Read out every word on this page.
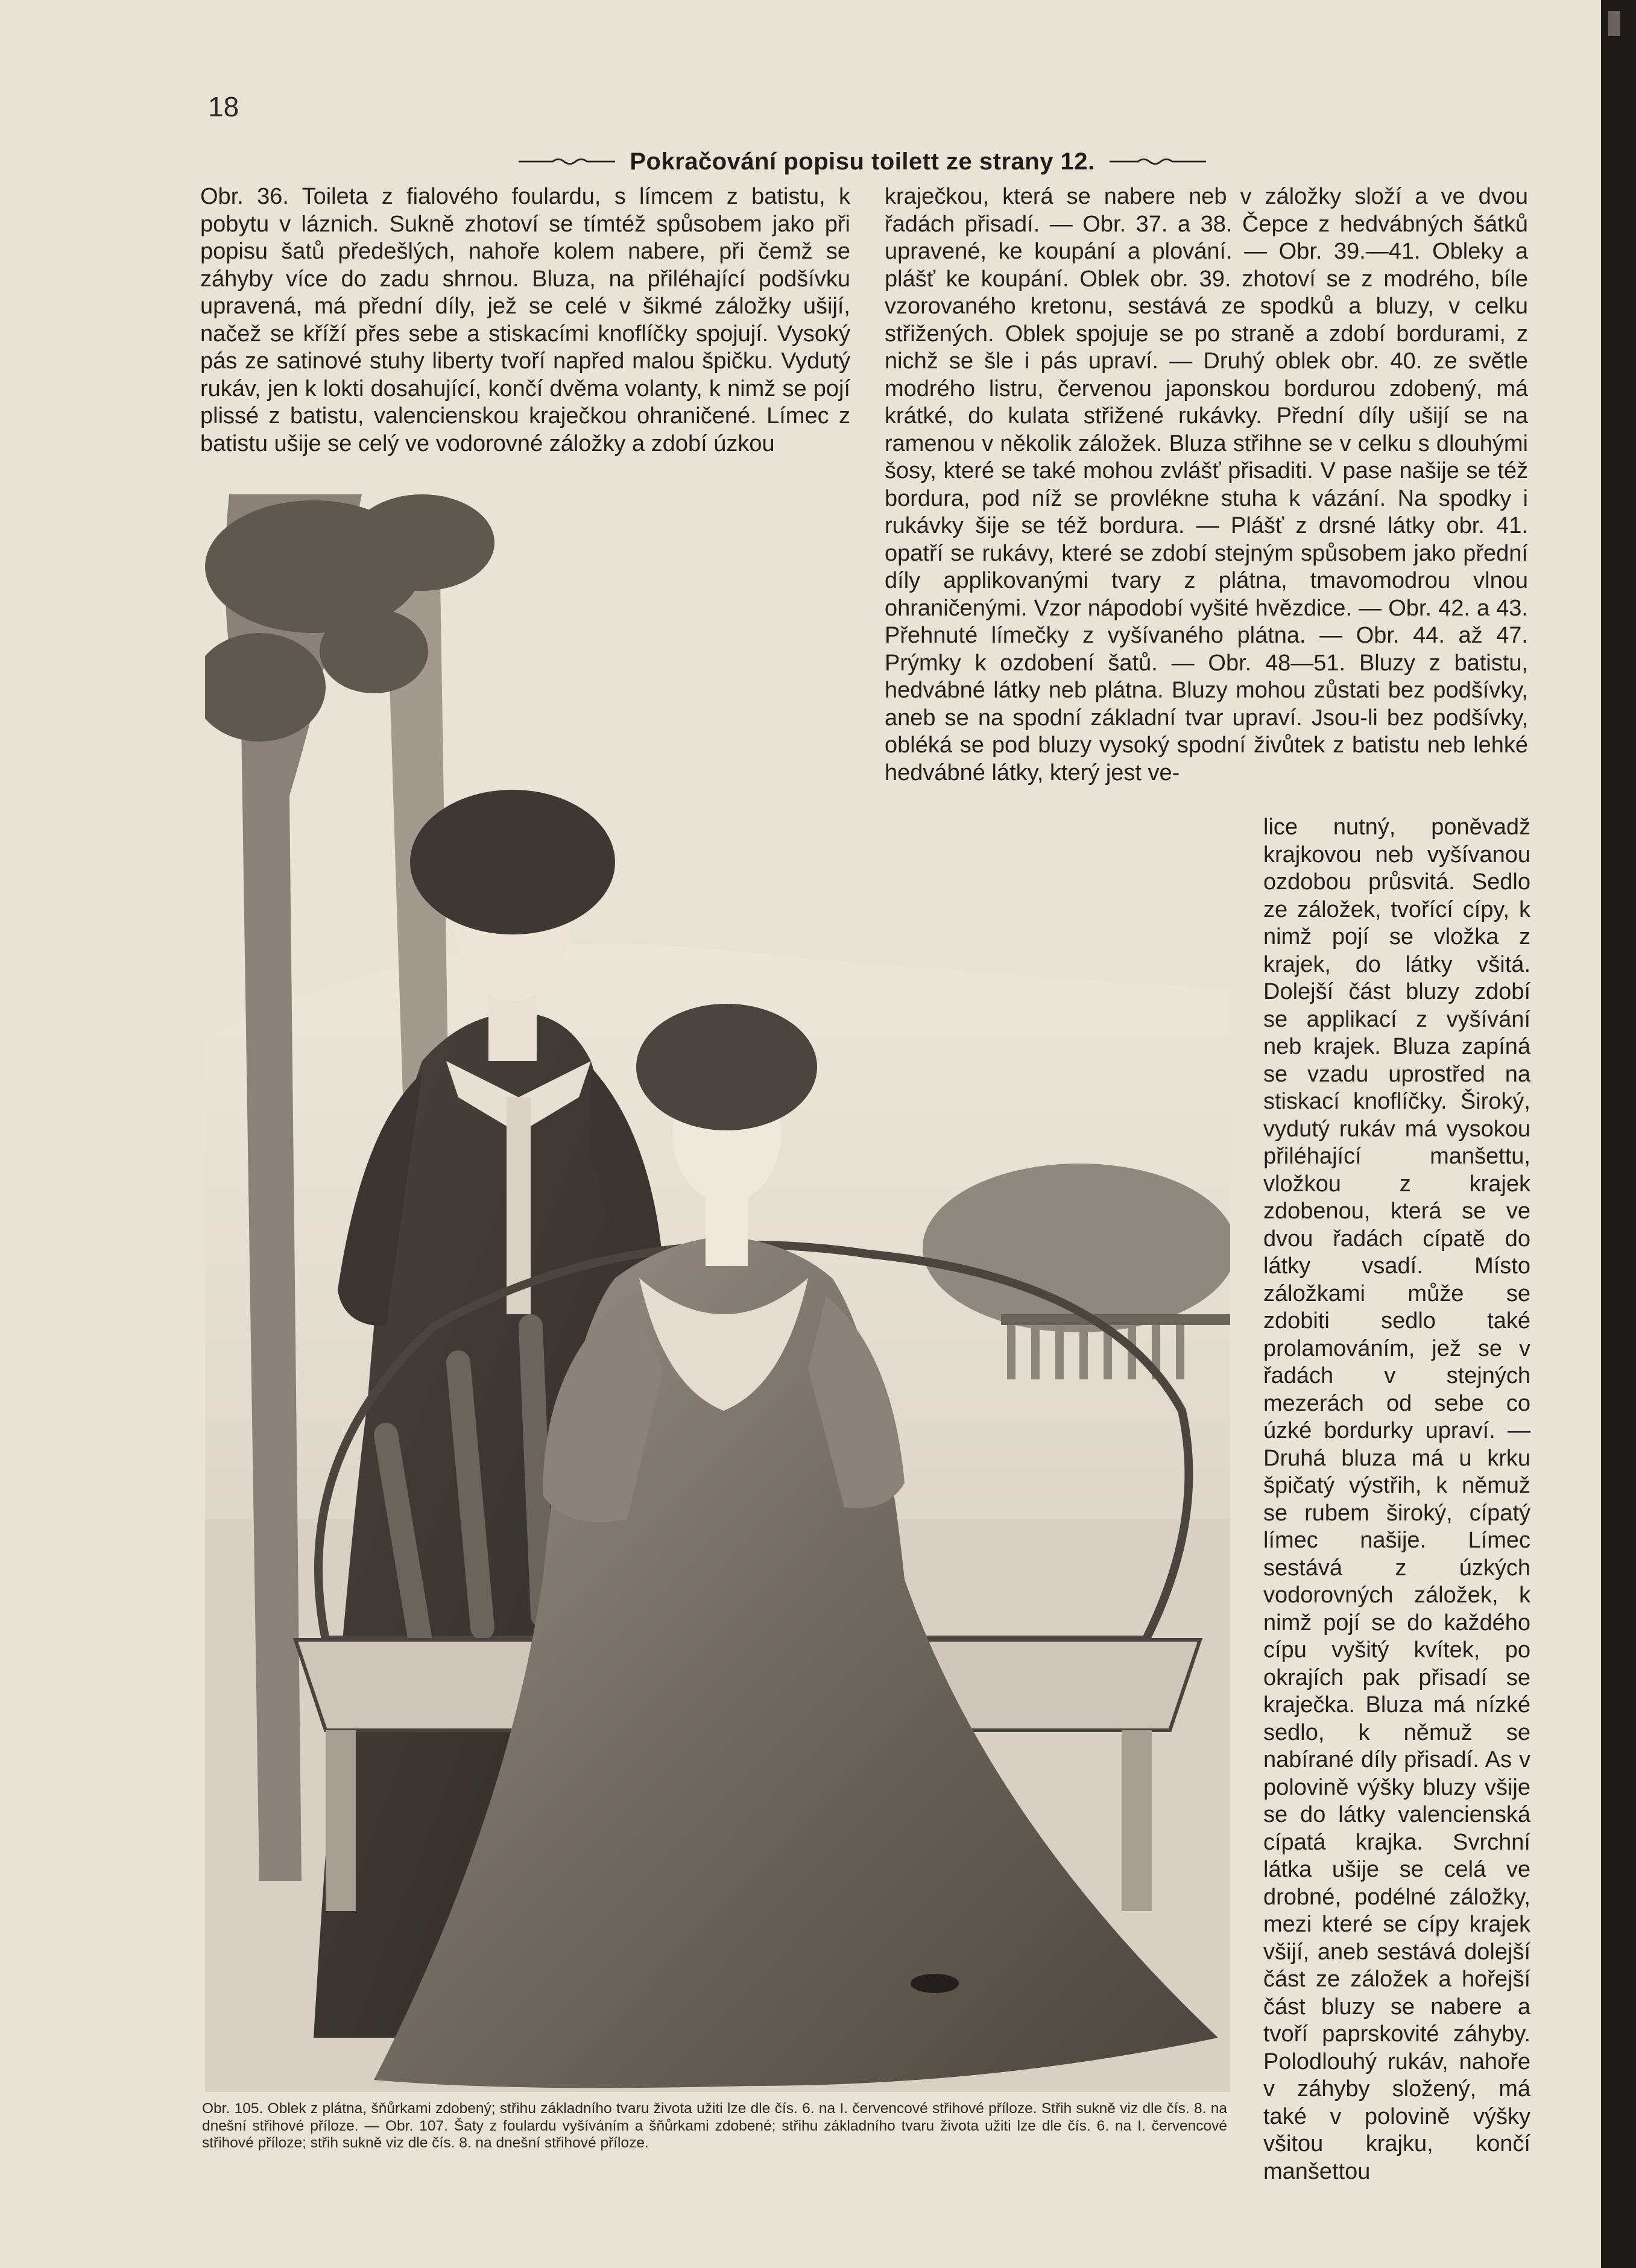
18
Pokračování popisu toilett ze strany 12.

Obr. 36. Toileta z fialového foulardu, s límcem z batistu, k pobytu v láznich. Sukně zhotoví se tímtéž spůsobem jako při popisu šatů předešlých, nahoře kolem nabere, při čemž se záhyby více do zadu shrnou. Bluza, na přiléhající podšívku upravená, má přední díly, jež se celé v šikmé záložky ušijí, načež se kříží přes sebe a stiskacími knoflíčky spojují. Vysoký pás ze satinové stuhy liberty tvoří napřed malou špičku. Vydutý rukáv, jen k lokti dosahující, končí dvěma volanty, k nimž se pojí plissé z batistu, valencienskou kraječkou ohraničené. Límec z batistu ušije se celý ve vodorovné záložky a zdobí úzkou

kraječkou, která se nabere neb v záložky složí a ve dvou řadách přisadí. — Obr. 37. a 38. Čepce z hedvábných šátků upravené, ke koupání a plování. — Obr. 39.—41. Obleky a plášť ke koupání. Oblek obr. 39. zhotoví se z modrého, bíle vzorovaného kretonu, sestává ze spodků a bluzy, v celku střižených. Oblek spojuje se po straně a zdobí bordurami, z nichž se šle i pás upraví. — Druhý oblek obr. 40. ze světle modrého listru, červenou japonskou bordurou zdobený, má krátké, do kulata střižené rukávky. Přední díly ušijí se na ramenou v několik záložek. Bluza střihne se v celku s dlouhými šosy, které se také mohou zvlášť přisaditi. V pase našije se též bordura, pod níž se provlékne stuha k vázání. Na spodky i rukávky šije se též bordura. — Plášť z drsné látky obr. 41. opatří se rukávy, které se zdobí stejným spůsobem jako přední díly applikovanými tvary z plátna, tmavomodrou vlnou ohraničenými. Vzor nápodobí vyšité hvězdice. — Obr. 42. a 43. Přehnuté límečky z vyšívaného plátna. — Obr. 44. až 47. Prýmky k ozdobení šatů. — Obr. 48—51. Bluzy z batistu, hedvábné látky neb plátna. Bluzy mohou zůstati bez podšívky, aneb se na spodní základní tvar upraví. Jsou-li bez podšívky, obléká se pod bluzy vysoký spodní živůtek z batistu neb lehké hedvábné látky, který jest ve-

lice nutný, poněvadž krajkovou neb vyšívanou ozdobou průsvitá. Sedlo ze záložek, tvořící cípy, k nimž pojí se vložka z krajek, do látky všitá. Dolejší část bluzy zdobí se applikací z vyšívání neb krajek. Bluza zapíná se vzadu uprostřed na stiskací knoflíčky. Široký, vydutý rukáv má vysokou přiléhající manšettu, vložkou z krajek zdobenou, která se ve dvou řadách cípatě do látky vsadí. Místo záložkami může se zdobiti sedlo také prolamováním, jež se v řadách v stejných mezerách od sebe co úzké bordurky upraví. — Druhá bluza má u krku špičatý výstřih, k němuž se rubem široký, cípatý límec našije. Límec sestává z úzkých vodorovných záložek, k nimž pojí se do každého cípu vyšitý kvítek, po okrajích pak přisadí se kraječka. Bluza má nízké sedlo, k němuž se nabírané díly přisadí. As v polovině výšky bluzy všije se do látky valencienská cípatá krajka. Svrchní látka ušije se celá ve drobné, podélné záložky, mezi které se cípy krajek všijí, aneb sestává dolejší část ze záložek a hořejší část bluzy se nabere a tvoří paprskovité záhyby. Polodlouhý rukáv, nahoře v záhyby složený, má také v polovině výšky všitou krajku, končí manšettou

Obr. 105. Oblek z plátna, šňůrkami zdobený; střihu základního tvaru života užiti lze dle čís. 6. na I. červencové střihové příloze. Střih sukně viz dle čís. 8. na dnešní střihové příloze. — Obr. 107. Šaty z foulardu vyšíváním a šňůrkami zdobené; střihu základního tvaru života užiti lze dle čís. 6. na I. červencové střihové příloze; střih sukně viz dle čís. 8. na dnešní střihové příloze.
